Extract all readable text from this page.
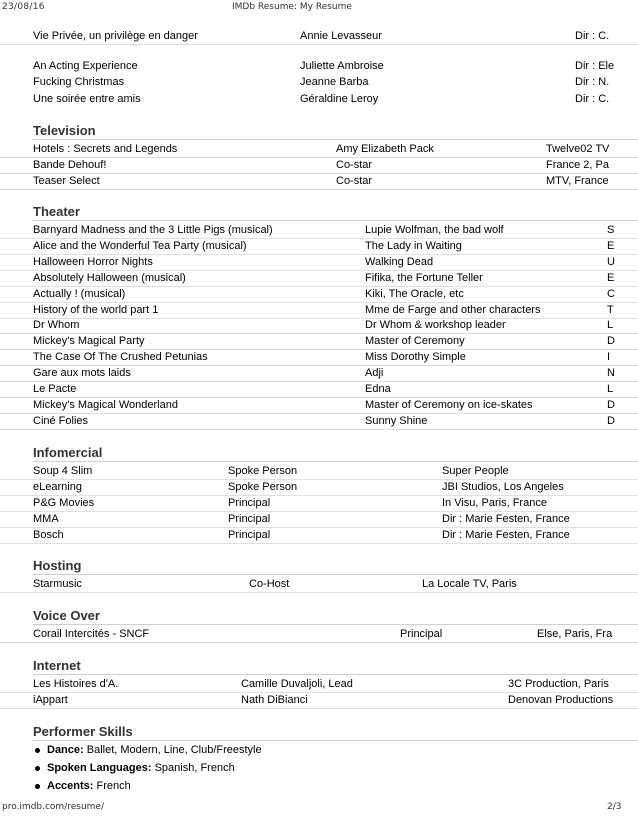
23/08/16	IMDb Resume: My Resume
Vie Privée, un privilège en danger	Annie Levasseur	Dir : C.
An Acting Experience	Juliette Ambroise	Dir : Ele
Fucking Christmas	Jeanne Barba	Dir : N.
Une soirée entre amis	Géraldine Leroy	Dir : C.
Television
Hotels : Secrets and Legends	Amy Elizabeth Pack	Twelve02 TV
Bande Dehouf!	Co-star	France 2, Pa
Teaser Select	Co-star	MTV, France
Theater
Barnyard Madness and the 3 Little Pigs (musical)	Lupie Wolfman, the bad wolf	S
Alice and the Wonderful Tea Party (musical)	The Lady in Waiting	E
Halloween Horror Nights	Walking Dead	U
Absolutely Halloween (musical)	Fifika, the Fortune Teller	E
Actually ! (musical)	Kiki, The Oracle, etc	C
History of the world part 1	Mme de Farge and other characters	T
Dr Whom	Dr Whom & workshop leader	L
Mickey's Magical Party	Master of Ceremony	D
The Case Of The Crushed Petunias	Miss Dorothy Simple	I
Gare aux mots laids	Adji	N
Le Pacte	Edna	L
Mickey's Magical Wonderland	Master of Ceremony on ice-skates	D
Ciné Folies	Sunny Shine	D
Infomercial
Soup 4 Slim	Spoke Person	Super People
eLearning	Spoke Person	JBI Studios, Los Angeles
P&G Movies	Principal	In Visu, Paris, France
MMA	Principal	Dir : Marie Festen, France
Bosch	Principal	Dir : Marie Festen, France
Hosting
Starmusic	Co-Host	La Locale TV, Paris
Voice Over
Corail Intercités - SNCF	Principal	Else, Paris, Fra
Internet
Les Histoires d'A.	Camille Duvaljoli, Lead	3C Production, Paris
iAppart	Nath DiBianci	Denovan Productions
Performer Skills
Dance: Ballet, Modern, Line, Club/Freestyle
Spoken Languages: Spanish, French
Accents: French
pro.imdb.com/resume/	2/3
